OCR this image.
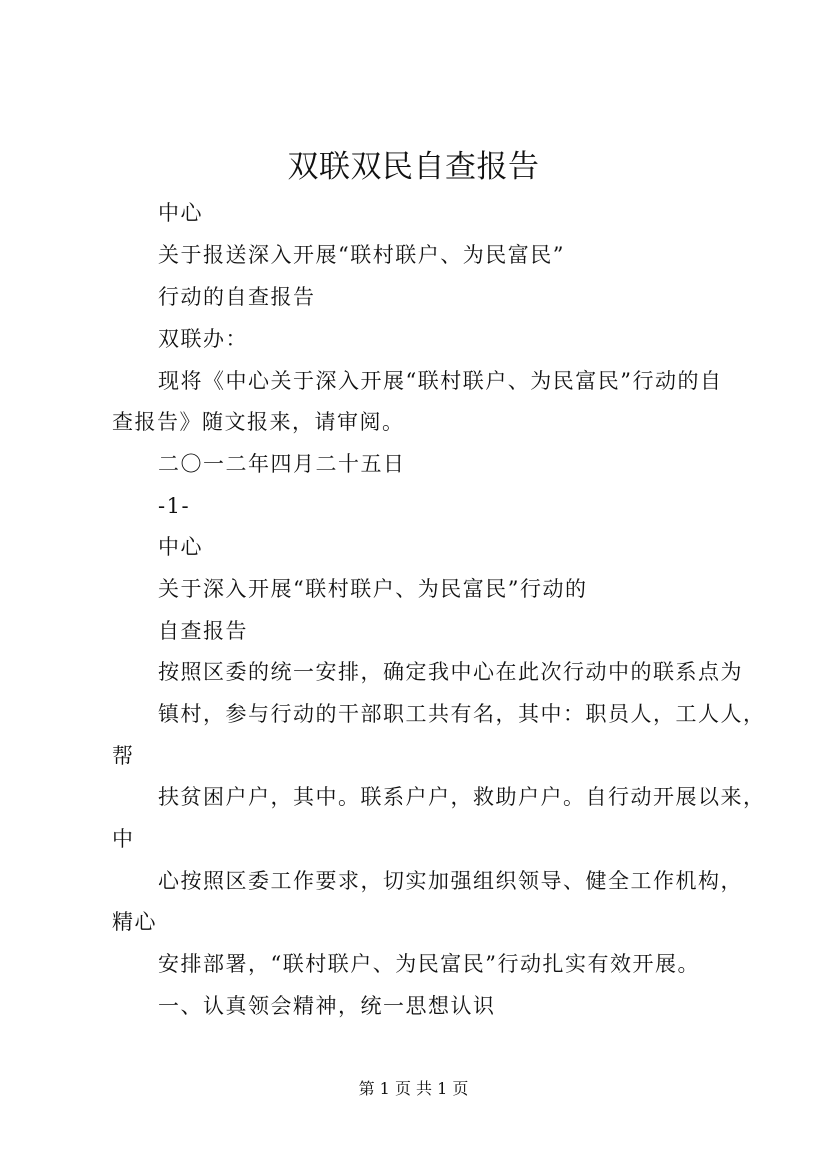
双联双民自查报告
中心
关于报送深入开展“联村联户、为民富民”
行动的自查报告
双联办：
现将《中心关于深入开展“联村联户、为民富民”行动的自
查报告》随文报来，请审阅。
二〇一二年四月二十五日
-1-
中心
关于深入开展“联村联户、为民富民”行动的
自查报告
按照区委的统一安排，确定我中心在此次行动中的联系点为
镇村，参与行动的干部职工共有名，其中：职员人，工人人，
帮
扶贫困户户，其中。联系户户，救助户户。自行动开展以来，
中
心按照区委工作要求，切实加强组织领导、健全工作机构，
精心
安排部署，“联村联户、为民富民”行动扎实有效开展。
一、认真领会精神，统一思想认识
第 1 页 共 1 页
